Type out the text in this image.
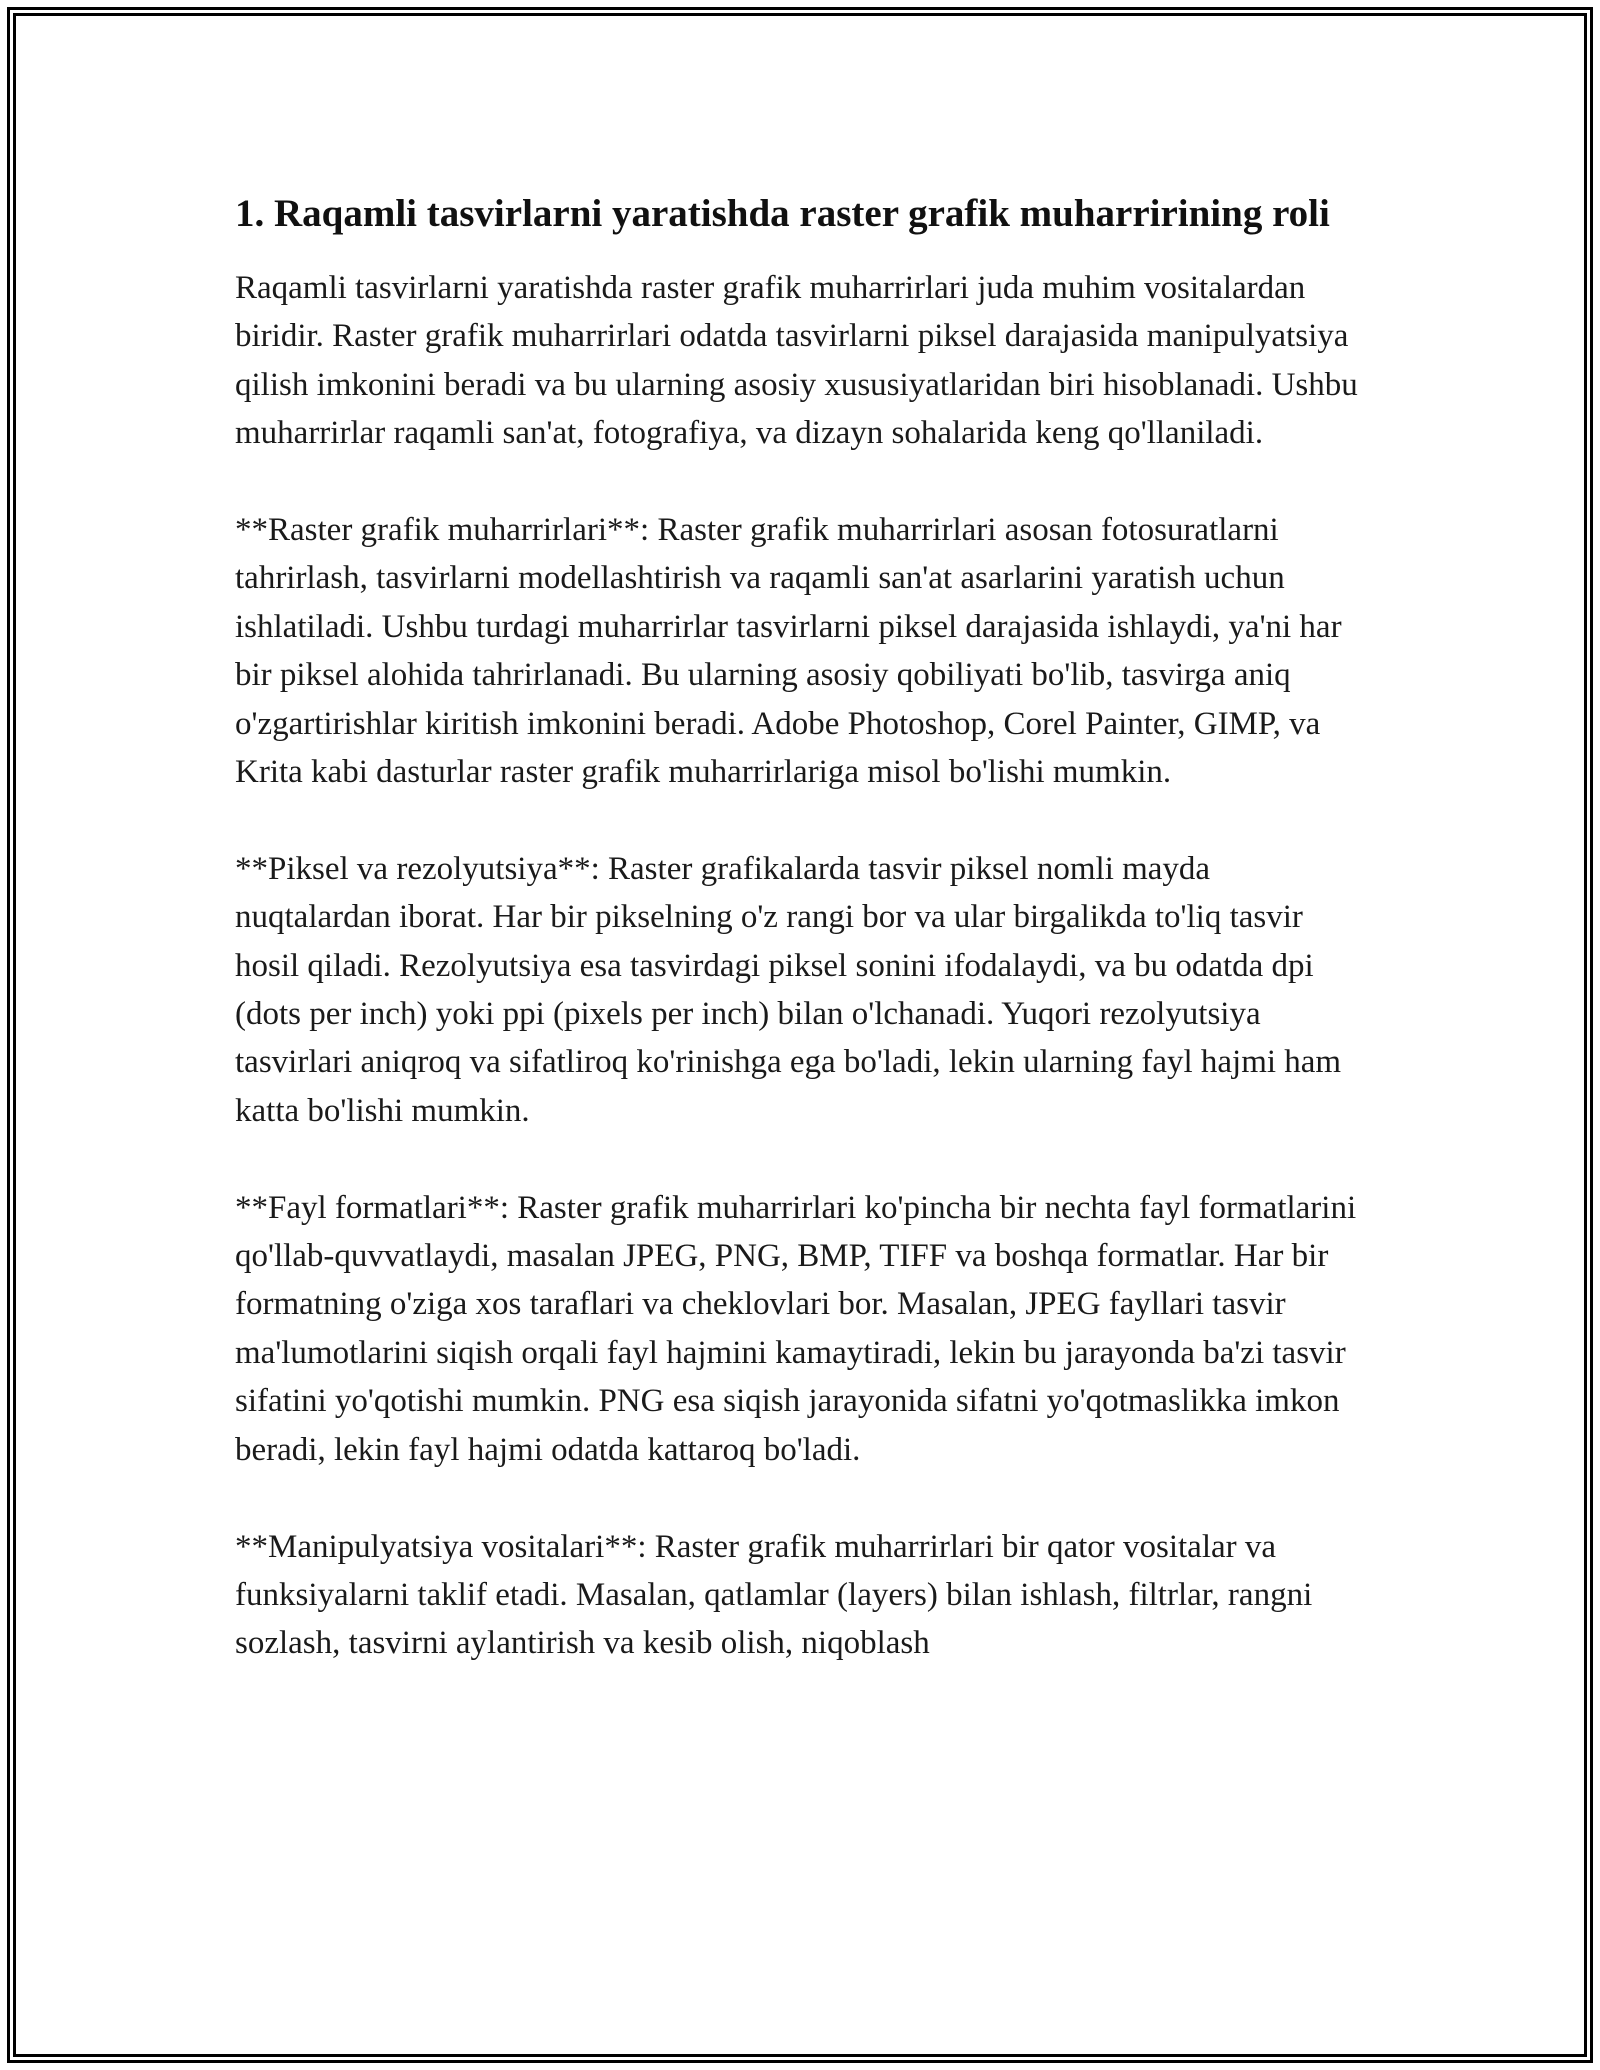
1. Raqamli tasvirlarni yaratishda raster grafik muharririning roli

Raqamli tasvirlarni yaratishda raster grafik muharrirlari juda muhim vositalardan biridir. Raster grafik muharrirlari odatda tasvirlarni piksel darajasida manipulyatsiya qilish imkonini beradi va bu ularning asosiy xususiyatlaridan biri hisoblanadi. Ushbu muharrirlar raqamli san'at, fotografiya, va dizayn sohalarida keng qo'llaniladi.

**Raster grafik muharrirlari**: Raster grafik muharrirlari asosan fotosuratlarni tahrirlash, tasvirlarni modellashtirish va raqamli san'at asarlarini yaratish uchun ishlatiladi. Ushbu turdagi muharrirlar tasvirlarni piksel darajasida ishlaydi, ya'ni har bir piksel alohida tahrirlanadi. Bu ularning asosiy qobiliyati bo'lib, tasvirga aniq o'zgartirishlar kiritish imkonini beradi. Adobe Photoshop, Corel Painter, GIMP, va Krita kabi dasturlar raster grafik muharrirlariga misol bo'lishi mumkin.

**Piksel va rezolyutsiya**: Raster grafikalarda tasvir piksel nomli mayda nuqtalardan iborat. Har bir pikselning o'z rangi bor va ular birgalikda to'liq tasvir hosil qiladi. Rezolyutsiya esa tasvirdagi piksel sonini ifodalaydi, va bu odatda dpi (dots per inch) yoki ppi (pixels per inch) bilan o'lchanadi. Yuqori rezolyutsiya tasvirlari aniqroq va sifatliroq ko'rinishga ega bo'ladi, lekin ularning fayl hajmi ham katta bo'lishi mumkin.

**Fayl formatlari**: Raster grafik muharrirlari ko'pincha bir nechta fayl formatlarini qo'llab-quvvatlaydi, masalan JPEG, PNG, BMP, TIFF va boshqa formatlar. Har bir formatning o'ziga xos taraflari va cheklovlari bor. Masalan, JPEG fayllari tasvir ma'lumotlarini siqish orqali fayl hajmini kamaytiradi, lekin bu jarayonda ba'zi tasvir sifatini yo'qotishi mumkin. PNG esa siqish jarayonida sifatni yo'qotmaslikka imkon beradi, lekin fayl hajmi odatda kattaroq bo'ladi.

**Manipulyatsiya vositalari**: Raster grafik muharrirlari bir qator vositalar va funksiyalarni taklif etadi. Masalan, qatlamlar (layers) bilan ishlash, filtrlar, rangni sozlash, tasvirni aylantirish va kesib olish, niqoblash
